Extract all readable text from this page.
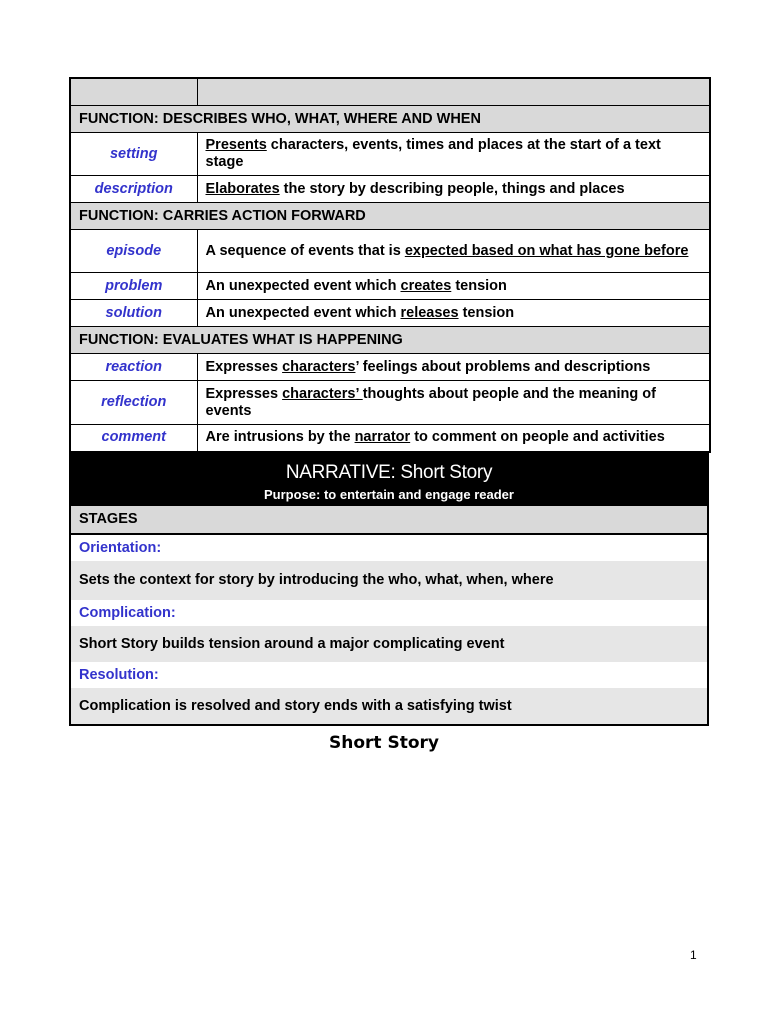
FUNCTION: DESCRIBES WHO, WHAT, WHERE AND WHEN	
setting	Presents characters, events, times and places at the start of a text stage
description	Elaborates the story by describing people, things and places
FUNCTION: CARRIES ACTION FORWARD	
episode	A sequence of events that is expected based on what has gone before
problem	An unexpected event which creates tension
solution	An unexpected event which releases tension
FUNCTION: EVALUATES WHAT IS HAPPENING	
reaction	Expresses characters’ feelings about problems and descriptions
reflection	Expresses characters’ thoughts about people and the meaning of events
comment	Are intrusions by the narrator to comment on people and activities
NARRATIVE: Short Story
Purpose: to entertain and engage reader
STAGES
Orientation:
Sets the context for story by introducing the who, what, when, where
Complication:
Short Story builds tension around a major complicating event
Resolution:
Complication is resolved and story ends with a satisfying twist
Short Story
1
